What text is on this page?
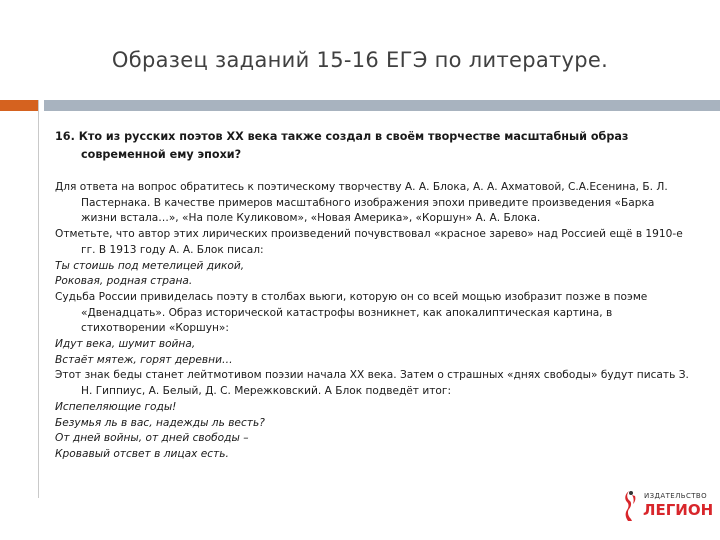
Образец заданий 15-16 ЕГЭ по литературе.

16. Кто из русских поэтов XX века также создал в своём творчестве масштабный образ современной ему эпохи?

Для ответа на вопрос обратитесь к поэтическому творчеству А. А. Блока, А. А. Ахматовой, С.А.Есенина, Б. Л. Пастернака. В качестве примеров масштабного изображения эпохи приведите произведения «Барка жизни встала…», «На поле Куликовом», «Новая Америка», «Коршун» А. А. Блока.

Отметьте, что автор этих лирических произведений почувствовал «красное зарево» над Россией ещё в 1910-е гг. В 1913 году А. А. Блок писал:

Ты стоишь под метелицей дикой,

Роковая, родная страна.

Судьба России привиделась поэту в столбах вьюги, которую он со всей мощью изобразит позже в поэме «Двенадцать». Образ исторической катастрофы возникнет, как апокалиптическая картина, в стихотворении «Коршун»:

Идут века, шумит война,

Встаёт мятеж, горят деревни…

Этот знак беды станет лейтмотивом поэзии начала XX века. Затем о страшных «днях свободы» будут писать З. Н. Гиппиус, А. Белый, Д. С. Мережковский. А Блок подведёт итог:

Испепеляющие годы!

Безумья ль в вас, надежды ль весть?

От дней войны, от дней свободы –

Кровавый отсвет в лицах есть.

ИЗДАТЕЛЬСТВО
ЛЕГИОН
